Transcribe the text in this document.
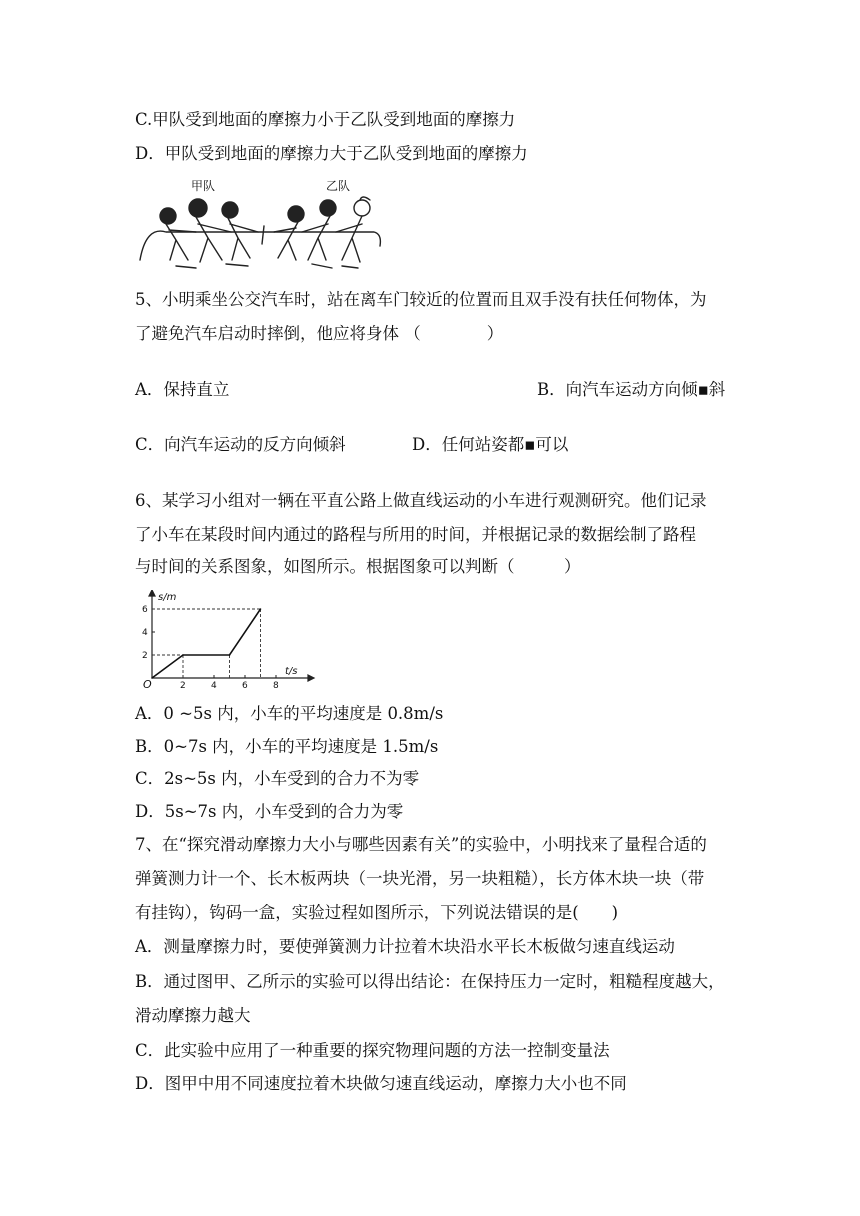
C.甲队受到地面的摩擦力小于乙队受到地面的摩擦力
D．甲队受到地面的摩擦力大于乙队受到地面的摩擦力
甲队	乙队
5、小明乘坐公交汽车时，站在离车门较近的位置而且双手没有扶任何物体，为
了避免汽车启动时摔倒，他应将身体 （　　　　）
A．保持直立	B．向汽车运动方向倾▪斜
C．向汽车运动的反方向倾斜	D．任何站姿都▪可以
6、某学习小组对一辆在平直公路上做直线运动的小车进行观测研究。他们记录
了小车在某段时间内通过的路程与所用的时间，并根据记录的数据绘制了路程
与时间的关系图象，如图所示。根据图象可以判断（　　　）
s/m
t/s
O	2	4	6	8
2
4
6
A．0 ~5s 内，小车的平均速度是 0.8m/s
B．0~7s 内，小车的平均速度是 1.5m/s
C．2s~5s 内，小车受到的合力不为零
D．5s~7s 内，小车受到的合力为零
7、在“探究滑动摩擦力大小与哪些因素有关”的实验中，小明找来了量程合适的
弹簧测力计一个、长木板两块（一块光滑，另一块粗糙），长方体木块一块（带
有挂钩），钩码一盒，实验过程如图所示，下列说法错误的是(　　)
A．测量摩擦力时，要使弹簧测力计拉着木块沿水平长木板做匀速直线运动
B．通过图甲、乙所示的实验可以得出结论：在保持压力一定时，粗糙程度越大，
滑动摩擦力越大
C．此实验中应用了一种重要的探究物理问题的方法一控制变量法
D．图甲中用不同速度拉着木块做匀速直线运动，摩擦力大小也不同
